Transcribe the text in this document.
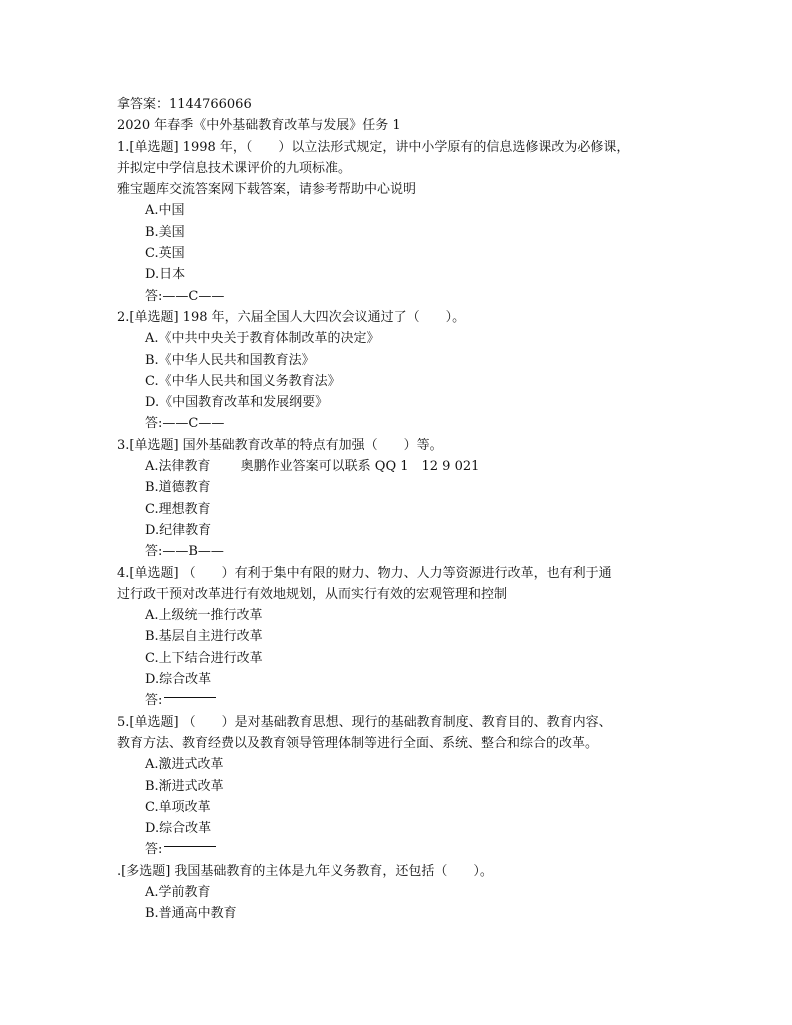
拿答案：1144766066
2020 年春季《中外基础教育改革与发展》任务 1
1.[单选题] 1998 年，（　　）以立法形式规定，讲中小学原有的信息选修课改为必修课，
并拟定中学信息技术课评价的九项标准。
雅宝题库交流答案网下载答案，请参考帮助中心说明
A.中国
B.美国
C.英国
D.日本
答:——C——
2.[单选题] 198 年，六届全国人大四次会议通过了（　　）。
A.《中共中央关于教育体制改革的决定》
B.《中华人民共和国教育法》
C.《中华人民共和国义务教育法》
D.《中国教育改革和发展纲要》
答:——C——
3.[单选题] 国外基础教育改革的特点有加强（　　）等。
A.法律教育　　 奥鹏作业答案可以联系 QQ 1　12 9 021
B.道德教育
C.理想教育
D.纪律教育
答:——B——
4.[单选题] （　　）有利于集中有限的财力、物力、人力等资源进行改革，也有利于通
过行政干预对改革进行有效地规划，从而实行有效的宏观管理和控制
A.上级统一推行改革
B.基层自主进行改革
C.上下结合进行改革
D.综合改革
答:
5.[单选题] （　　）是对基础教育思想、现行的基础教育制度、教育目的、教育内容、
教育方法、教育经费以及教育领导管理体制等进行全面、系统、整合和综合的改革。
A.激进式改革
B.渐进式改革
C.单项改革
D.综合改革
答:
.[多选题] 我国基础教育的主体是九年义务教育，还包括（　　）。
A.学前教育
B.普通高中教育
